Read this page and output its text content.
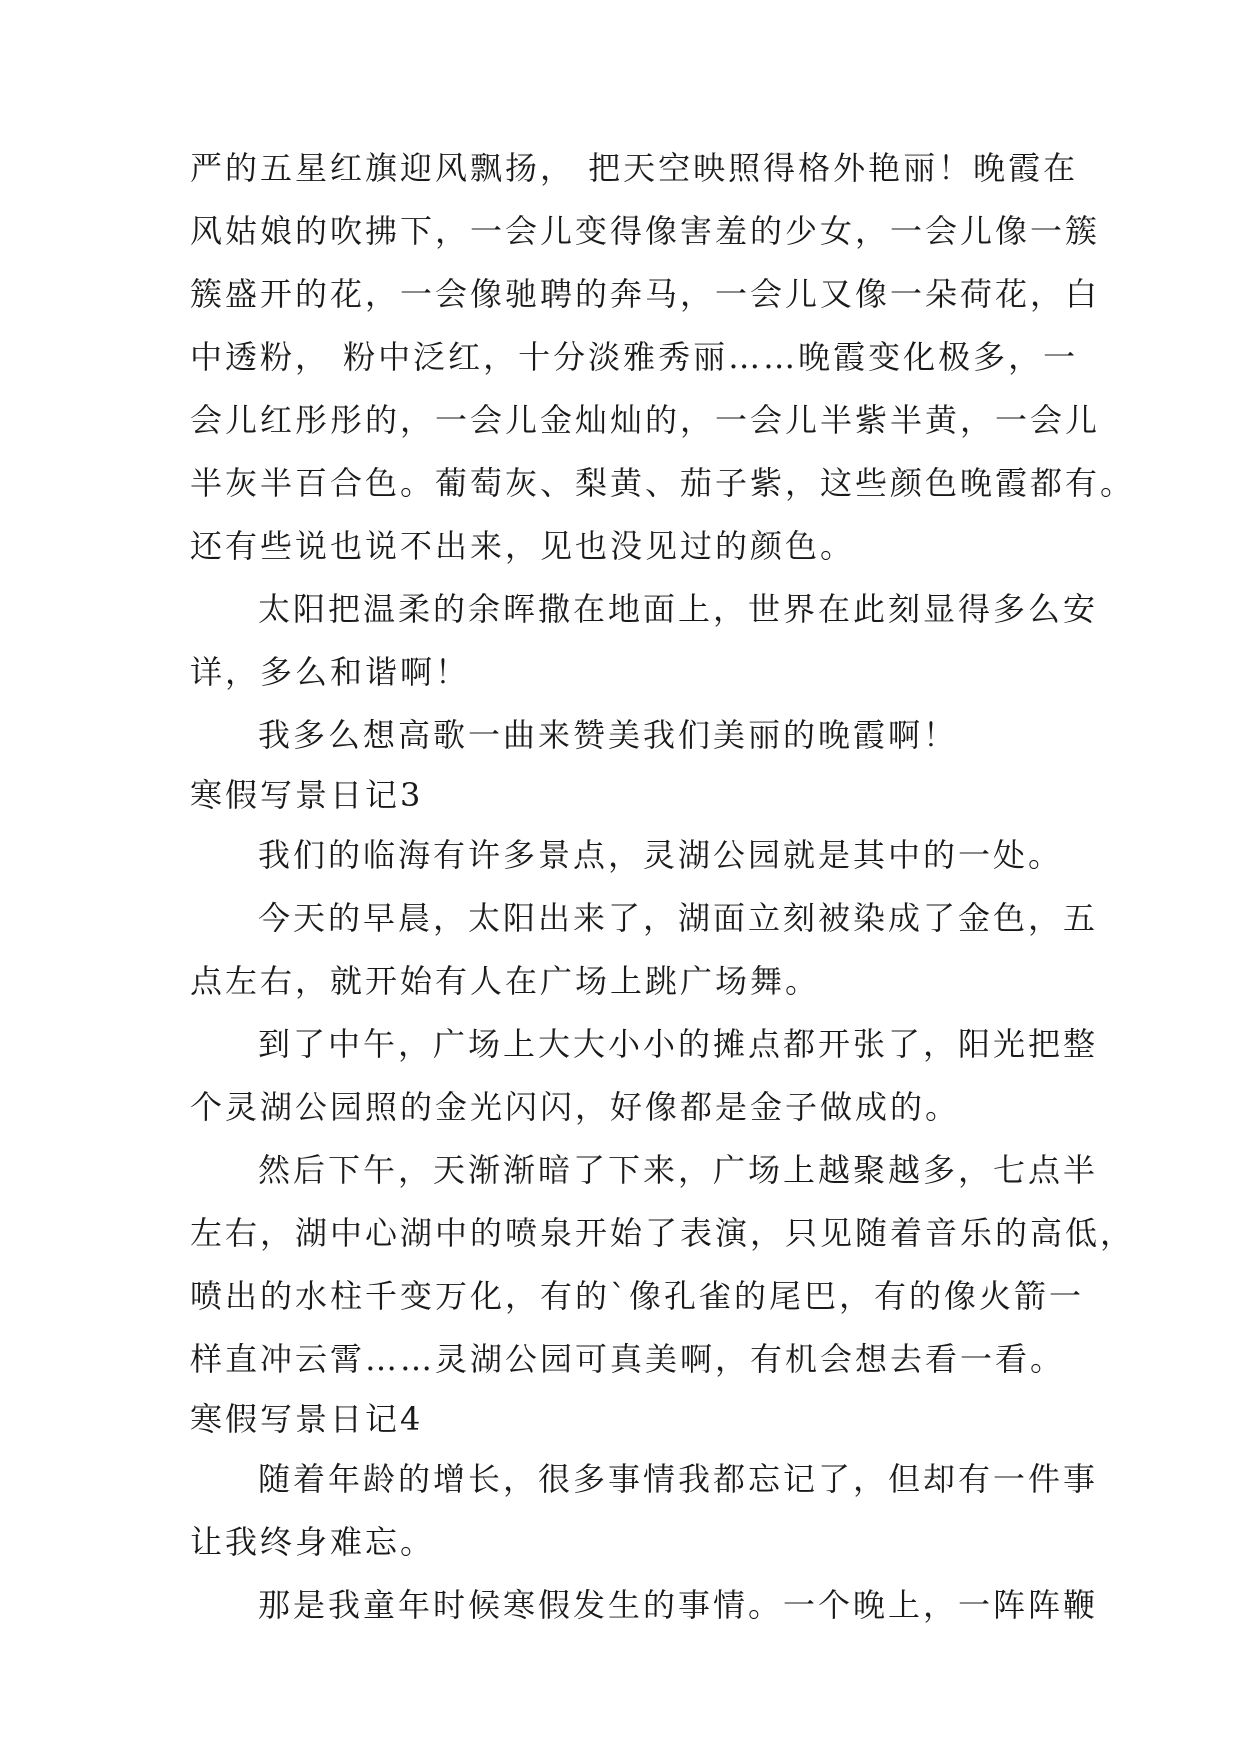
严的五星红旗迎风飘扬， 把天空映照得格外艳丽！晚霞在

风姑娘的吹拂下，一会儿变得像害羞的少女，一会儿像一簇

簇盛开的花，一会像驰聘的奔马，一会儿又像一朵荷花，白

中透粉， 粉中泛红，十分淡雅秀丽……晚霞变化极多，一

会儿红彤彤的，一会儿金灿灿的，一会儿半紫半黄，一会儿

半灰半百合色。葡萄灰、梨黄、茄子紫，这些颜色晚霞都有。

还有些说也说不出来，见也没见过的颜色。

太阳把温柔的余晖撒在地面上，世界在此刻显得多么安

详，多么和谐啊！

我多么想高歌一曲来赞美我们美丽的晚霞啊！

寒假写景日记3

我们的临海有许多景点，灵湖公园就是其中的一处。

今天的早晨，太阳出来了，湖面立刻被染成了金色，五

点左右，就开始有人在广场上跳广场舞。

到了中午，广场上大大小小的摊点都开张了，阳光把整

个灵湖公园照的金光闪闪，好像都是金子做成的。

然后下午，天渐渐暗了下来，广场上越聚越多，七点半

左右，湖中心湖中的喷泉开始了表演，只见随着音乐的高低，

喷出的水柱千变万化，有的`像孔雀的尾巴，有的像火箭一

样直冲云霄……灵湖公园可真美啊，有机会想去看一看。

寒假写景日记4

随着年龄的增长，很多事情我都忘记了，但却有一件事

让我终身难忘。

那是我童年时候寒假发生的事情。一个晚上，一阵阵鞭
